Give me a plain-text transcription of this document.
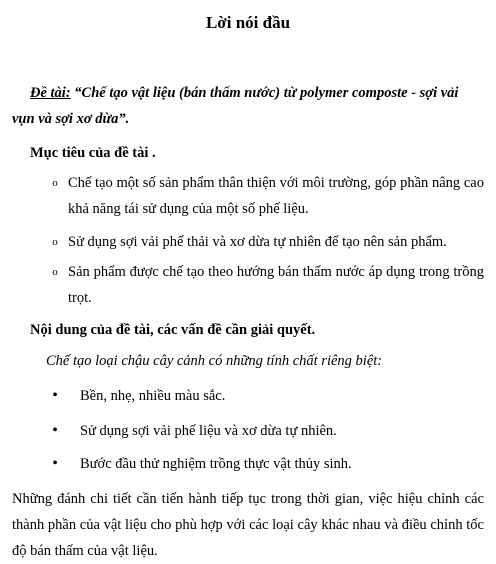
Lời nói đầu
Đề tài: “Chế tạo vật liệu (bán thấm nước) từ polymer composte - sợi vải vụn và sợi xơ dừa”.
Mục tiêu của đề tài .
o Chế tạo một số sản phẩm thân thiện với môi trường, góp phần nâng cao khả năng tái sử dụng của một số phế liệu.
o Sử dụng sợi vải phế thải và xơ dừa tự nhiên để tạo nên sản phẩm.
o Sản phẩm được chế tạo theo hướng bán thấm nước áp dụng trong trồng trọt.
Nội dung của đề tài, các vấn đề cần giải quyết.
Chế tạo loại chậu cây cảnh có những tính chất riêng biệt:
• Bền, nhẹ, nhiều màu sắc.
• Sử dụng sợi vải phế liệu và xơ dừa tự nhiên.
• Bước đầu thử nghiệm trồng thực vật thủy sinh.
Những đánh chi tiết cần tiến hành tiếp tục trong thời gian, việc hiệu chỉnh các thành phần của vật liệu cho phù hợp với các loại cây khác nhau và điều chỉnh tốc độ bán thấm của vật liệu.
